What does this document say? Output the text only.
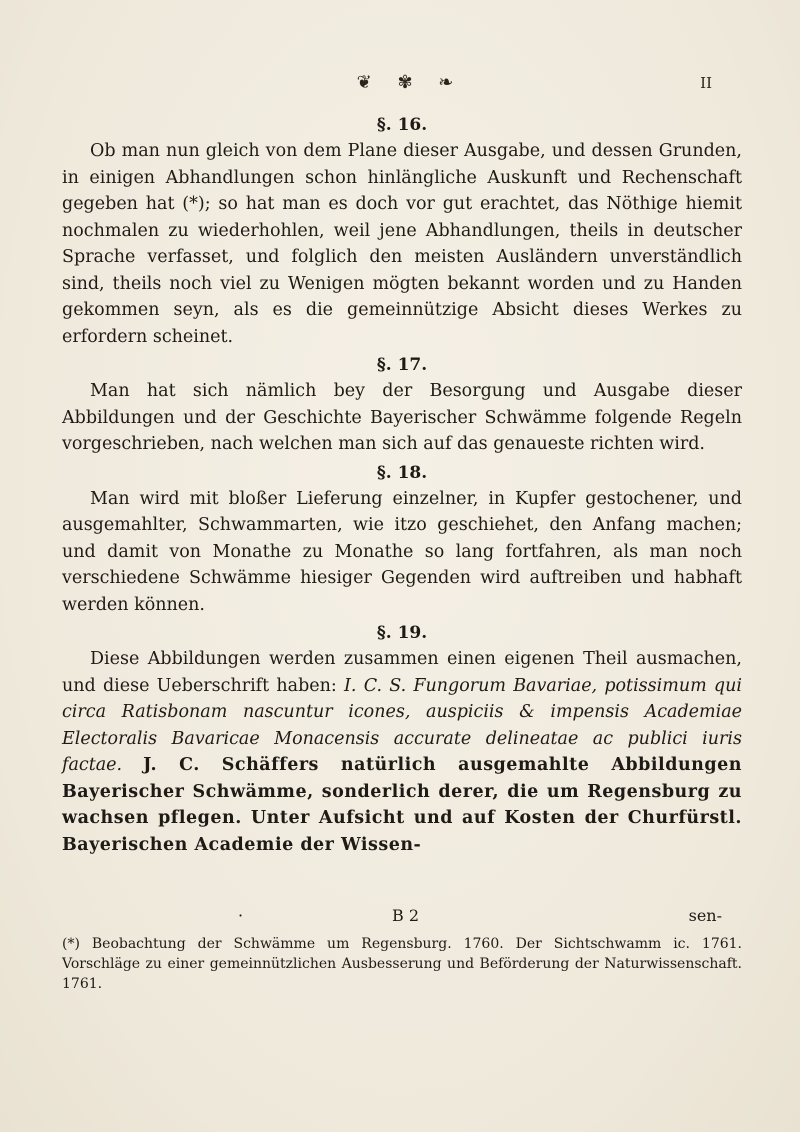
❦ ✾ ❧	II
§. 16.

Ob man nun gleich von dem Plane dieser Ausgabe, und dessen Grunden, in einigen Abhandlungen schon hinlängliche Auskunft und Rechenschaft gegeben hat (*); so hat man es doch vor gut erachtet, das Nöthige hiemit nochmalen zu wiederhohlen, weil jene Abhandlungen, theils in deutscher Sprache verfasset, und folglich den meisten Ausländern unverständlich sind, theils noch viel zu Wenigen mögten bekannt worden und zu Handen gekommen seyn, als es die gemeinnützige Absicht dieses Werkes zu erfordern scheinet.

§. 17.

Man hat sich nämlich bey der Besorgung und Ausgabe dieser Abbildungen und der Geschichte Bayerischer Schwämme folgende Regeln vorgeschrieben, nach welchen man sich auf das genaueste richten wird.

§. 18.

Man wird mit bloßer Lieferung einzelner, in Kupfer gestochener, und ausgemahlter, Schwammarten, wie itzo geschiehet, den Anfang machen; und damit von Monathe zu Monathe so lang fortfahren, als man noch verschiedene Schwämme hiesiger Gegenden wird auftreiben und habhaft werden können.

§. 19.

Diese Abbildungen werden zusammen einen eigenen Theil ausmachen, und diese Ueberschrift haben: I. C. S. Fungorum Bavariae, potissimum qui circa Ratisbonam nascuntur icones, auspiciis & impensis Academiae Electoralis Bavaricae Monacensis accurate delineatae ac publici iuris factae. J. C. Schäffers natürlich ausgemahlte Abbildungen Bayerischer Schwämme, sonderlich derer, die um Regensburg zu wachsen pflegen. Unter Aufsicht und auf Kosten der Churfürstl. Bayerischen Academie der Wissen-

·	B 2	sen-

(*) Beobachtung der Schwämme um Regensburg. 1760. Der Sichtschwamm ic. 1761. Vorschläge zu einer gemeinnützlichen Ausbesserung und Beförderung der Naturwissenschaft. 1761.
